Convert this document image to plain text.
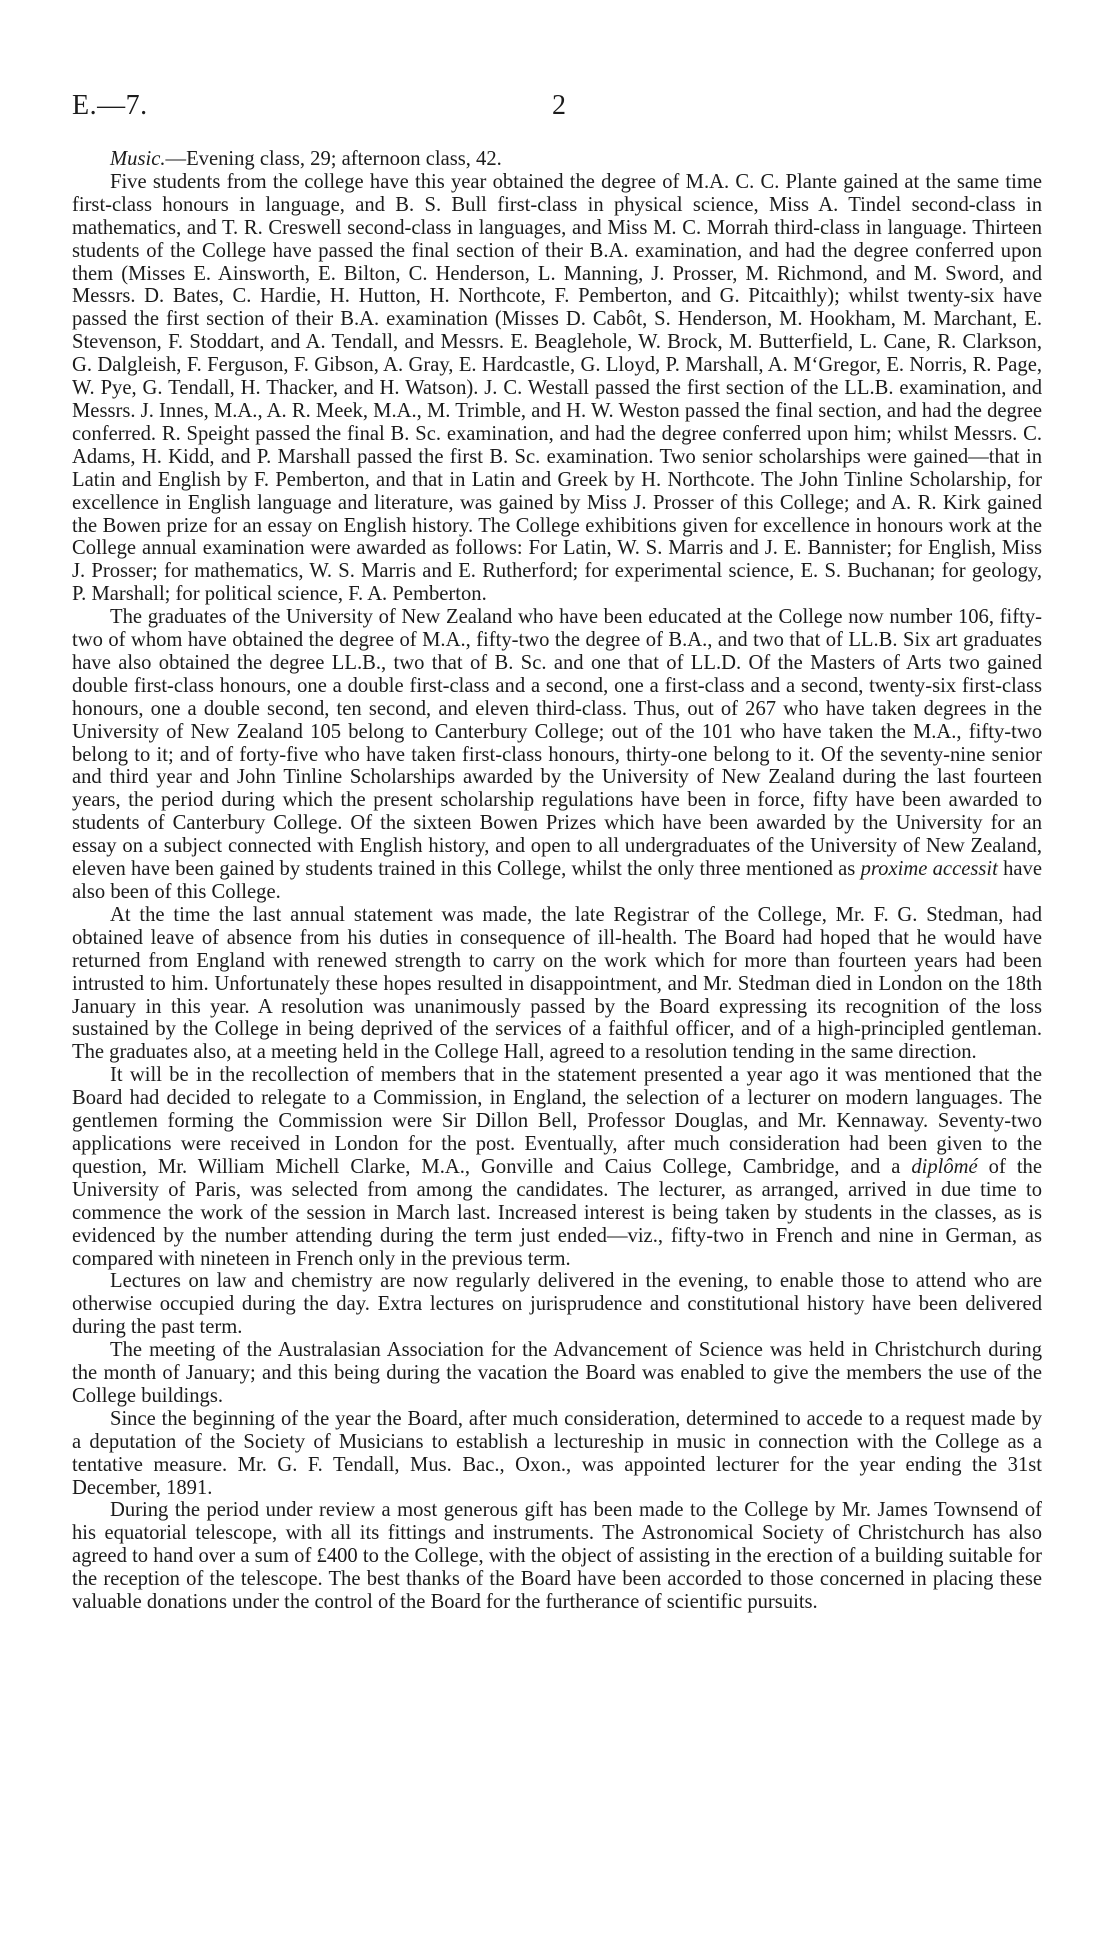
E.—7.	2

Music.—Evening class, 29; afternoon class, 42.

Five students from the college have this year obtained the degree of M.A. C. C. Plante gained at the same time first-class honours in language, and B. S. Bull first-class in physical science, Miss A. Tindel second-class in mathematics, and T. R. Creswell second-class in languages, and Miss M. C. Morrah third-class in language. Thirteen students of the College have passed the final section of their B.A. examination, and had the degree conferred upon them (Misses E. Ainsworth, E. Bilton, C. Henderson, L. Manning, J. Prosser, M. Richmond, and M. Sword, and Messrs. D. Bates, C. Hardie, H. Hutton, H. Northcote, F. Pemberton, and G. Pitcaithly); whilst twenty-six have passed the first section of their B.A. examination (Misses D. Cabôt, S. Henderson, M. Hookham, M. Marchant, E. Stevenson, F. Stoddart, and A. Tendall, and Messrs. E. Beaglehole, W. Brock, M. Butterfield, L. Cane, R. Clarkson, G. Dalgleish, F. Ferguson, F. Gibson, A. Gray, E. Hardcastle, G. Lloyd, P. Marshall, A. M‘Gregor, E. Norris, R. Page, W. Pye, G. Tendall, H. Thacker, and H. Watson). J. C. Westall passed the first section of the LL.B. examination, and Messrs. J. Innes, M.A., A. R. Meek, M.A., M. Trimble, and H. W. Weston passed the final section, and had the degree conferred. R. Speight passed the final B. Sc. examination, and had the degree conferred upon him; whilst Messrs. C. Adams, H. Kidd, and P. Marshall passed the first B. Sc. examination. Two senior scholarships were gained—that in Latin and English by F. Pemberton, and that in Latin and Greek by H. Northcote. The John Tinline Scholarship, for excellence in English language and literature, was gained by Miss J. Prosser of this College; and A. R. Kirk gained the Bowen prize for an essay on English history. The College exhibitions given for excellence in honours work at the College annual examination were awarded as follows: For Latin, W. S. Marris and J. E. Bannister; for English, Miss J. Prosser; for mathematics, W. S. Marris and E. Rutherford; for experimental science, E. S. Buchanan; for geology, P. Marshall; for political science, F. A. Pemberton.

The graduates of the University of New Zealand who have been educated at the College now number 106, fifty-two of whom have obtained the degree of M.A., fifty-two the degree of B.A., and two that of LL.B. Six art graduates have also obtained the degree LL.B., two that of B. Sc. and one that of LL.D. Of the Masters of Arts two gained double first-class honours, one a double first-class and a second, one a first-class and a second, twenty-six first-class honours, one a double second, ten second, and eleven third-class. Thus, out of 267 who have taken degrees in the University of New Zealand 105 belong to Canterbury College; out of the 101 who have taken the M.A., fifty-two belong to it; and of forty-five who have taken first-class honours, thirty-one belong to it. Of the seventy-nine senior and third year and John Tinline Scholarships awarded by the University of New Zealand during the last fourteen years, the period during which the present scholarship regulations have been in force, fifty have been awarded to students of Canterbury College. Of the sixteen Bowen Prizes which have been awarded by the University for an essay on a subject connected with English history, and open to all undergraduates of the University of New Zealand, eleven have been gained by students trained in this College, whilst the only three mentioned as proxime accessit have also been of this College.

At the time the last annual statement was made, the late Registrar of the College, Mr. F. G. Stedman, had obtained leave of absence from his duties in consequence of ill-health. The Board had hoped that he would have returned from England with renewed strength to carry on the work which for more than fourteen years had been intrusted to him. Unfortunately these hopes resulted in disappointment, and Mr. Stedman died in London on the 18th January in this year. A resolution was unanimously passed by the Board expressing its recognition of the loss sustained by the College in being deprived of the services of a faithful officer, and of a high-principled gentleman. The graduates also, at a meeting held in the College Hall, agreed to a resolution tending in the same direction.

It will be in the recollection of members that in the statement presented a year ago it was mentioned that the Board had decided to relegate to a Commission, in England, the selection of a lecturer on modern languages. The gentlemen forming the Commission were Sir Dillon Bell, Professor Douglas, and Mr. Kennaway. Seventy-two applications were received in London for the post. Eventually, after much consideration had been given to the question, Mr. William Michell Clarke, M.A., Gonville and Caius College, Cambridge, and a diplômé of the University of Paris, was selected from among the candidates. The lecturer, as arranged, arrived in due time to commence the work of the session in March last. Increased interest is being taken by students in the classes, as is evidenced by the number attending during the term just ended—viz., fifty-two in French and nine in German, as compared with nineteen in French only in the previous term.

Lectures on law and chemistry are now regularly delivered in the evening, to enable those to attend who are otherwise occupied during the day. Extra lectures on jurisprudence and constitutional history have been delivered during the past term.

The meeting of the Australasian Association for the Advancement of Science was held in Christchurch during the month of January; and this being during the vacation the Board was enabled to give the members the use of the College buildings.

Since the beginning of the year the Board, after much consideration, determined to accede to a request made by a deputation of the Society of Musicians to establish a lectureship in music in connection with the College as a tentative measure. Mr. G. F. Tendall, Mus. Bac., Oxon., was appointed lecturer for the year ending the 31st December, 1891.

During the period under review a most generous gift has been made to the College by Mr. James Townsend of his equatorial telescope, with all its fittings and instruments. The Astronomical Society of Christchurch has also agreed to hand over a sum of £400 to the College, with the object of assisting in the erection of a building suitable for the reception of the telescope. The best thanks of the Board have been accorded to those concerned in placing these valuable donations under the control of the Board for the furtherance of scientific pursuits.
